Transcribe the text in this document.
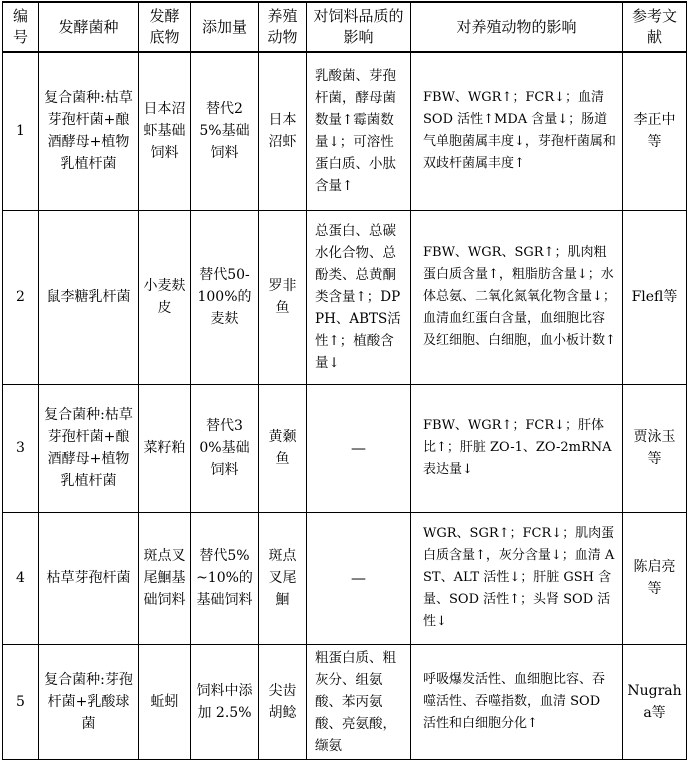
编号	发酵菌种	发酵底物	添加量	养殖动物	对饲料品质的影响	对养殖动物的影响	参考文献
1	复合菌种:枯草芽孢杆菌+酿酒酵母+植物乳植杆菌	日本沼虾基础饲料	替代25%基础饲料	日本沼虾	乳酸菌、芽孢杆菌，酵母菌数量↑霉菌数量↓；可溶性蛋白质、小肽含量↑	FBW、WGR↑；FCR↓；血清 SOD 活性↑MDA 含量↓；肠道气单胞菌属丰度↓，芽孢杆菌属和双歧杆菌属丰度↑	李正中等
2	鼠李糖乳杆菌	小麦麸皮	替代50-100%的麦麸	罗非鱼	总蛋白、总碳水化合物、总酚类、总黄酮类含量↑；DPPH、ABTS活性↑；植酸含量↓	FBW、WGR、SGR↑；肌肉粗蛋白质含量↑，粗脂肪含量↓；水体总氨、二氧化氮氧化物含量↓；血清血红蛋白含量，血细胞比容及红细胞、白细胞，血小板计数↑	Flefl等
3	复合菌种:枯草芽孢杆菌+酿酒酵母+植物乳植杆菌	菜籽粕	替代30%基础饲料	黄颡鱼	—	FBW、WGR↑；FCR↓；肝体比↑；肝脏 ZO-1、ZO-2mRNA 表达量↓	贾泳玉等
4	枯草芽孢杆菌	斑点叉尾鮰基础饲料	替代5%~10%的基础饲料	斑点叉尾鮰	—	WGR、SGR↑；FCR↓；肌肉蛋白质含量↑，灰分含量↓；血清 AST、ALT 活性↓；肝脏 GSH 含量、SOD 活性↑；头肾 SOD 活性↓	陈启亮等
5	复合菌种:芽孢杆菌+乳酸球菌	蚯蚓	饲料中添加 2.5%	尖齿胡鲶	粗蛋白质、粗灰分、组氨酸、苯丙氨酸、亮氨酸，缬氨	呼吸爆发活性、血细胞比容、吞噬活性、吞噬指数，血清 SOD 活性和白细胞分化↑	Nugraha等
